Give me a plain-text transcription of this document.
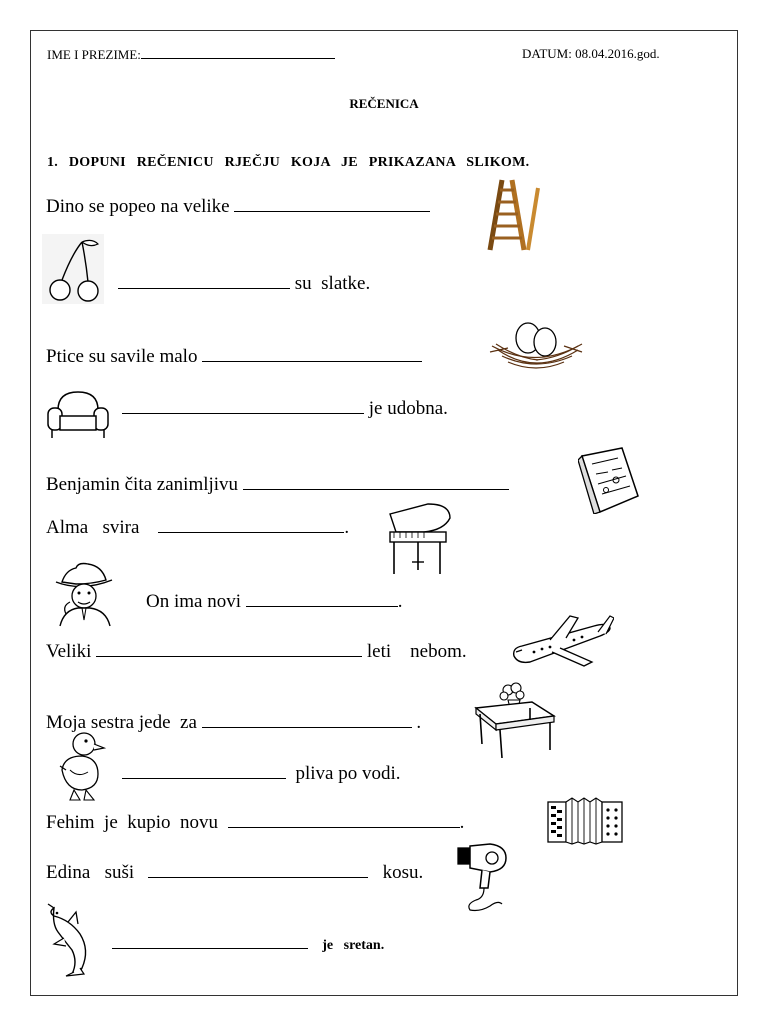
IME I PREZIME:	DATUM: 08.04.2016.god.
REČENICA
1. DOPUNI REČENICU RJEČJU KOJA JE PRIKAZANA SLIKOM.
Dino se popeo na velike
su  slatke.
Ptice su savile malo
je udobna.
Benjamin čita zanimljivu
Alma   svira	.
On ima novi	.
Veliki	leti    nebom.
Moja sestra jede  za	.
pliva po vodi.
Fehim  je  kupio  novu	.
Edina   suši	kosu.
je   sretan.
